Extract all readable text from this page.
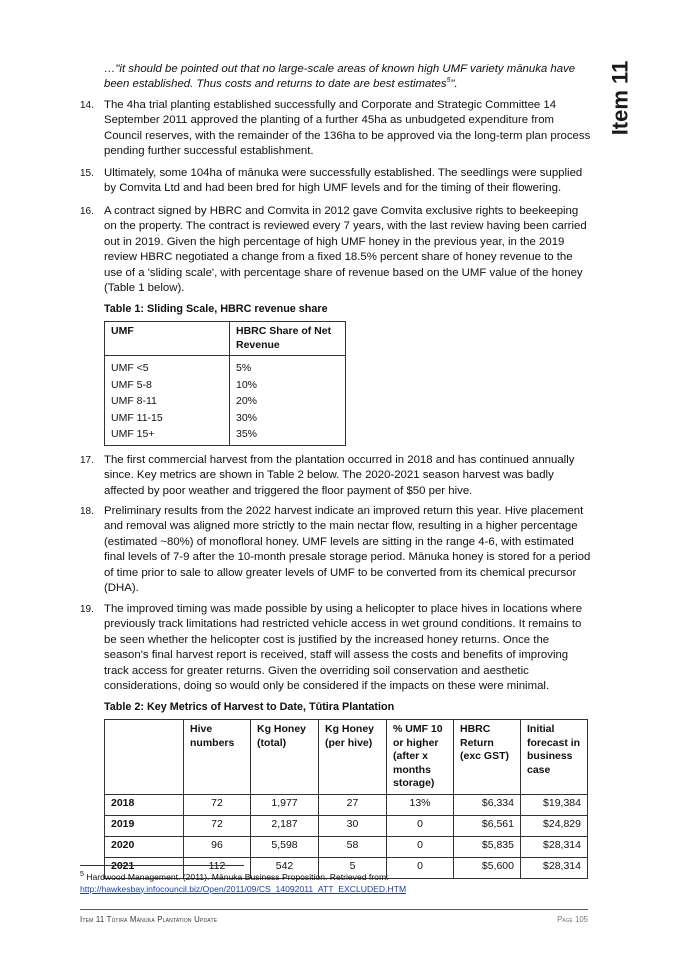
Item 11
…"it should be pointed out that no large-scale areas of known high UMF variety mānuka have been established. Thus costs and returns to date are best estimates$^5$".
14. The 4ha trial planting established successfully and Corporate and Strategic Committee 14 September 2011 approved the planting of a further 45ha as unbudgeted expenditure from Council reserves, with the remainder of the 136ha to be approved via the long-term plan process pending further successful establishment.
15. Ultimately, some 104ha of mānuka were successfully established. The seedlings were supplied by Comvita Ltd and had been bred for high UMF levels and for the timing of their flowering.
16. A contract signed by HBRC and Comvita in 2012 gave Comvita exclusive rights to beekeeping on the property. The contract is reviewed every 7 years, with the last review having been carried out in 2019. Given the high percentage of high UMF honey in the previous year, in the 2019 review HBRC negotiated a change from a fixed 18.5% percent share of honey revenue to the use of a 'sliding scale', with percentage share of revenue based on the UMF value of the honey (Table 1 below).
Table 1: Sliding Scale, HBRC revenue share
UMF	HBRC Share of Net Revenue
UMF <5	5%
UMF 5-8	10%
UMF 8-11	20%
UMF 11-15	30%
UMF 15+	35%
17. The first commercial harvest from the plantation occurred in 2018 and has continued annually since. Key metrics are shown in Table 2 below. The 2020-2021 season harvest was badly affected by poor weather and triggered the floor payment of $50 per hive.
18. Preliminary results from the 2022 harvest indicate an improved return this year. Hive placement and removal was aligned more strictly to the main nectar flow, resulting in a higher percentage (estimated ~80%) of monofloral honey. UMF levels are sitting in the range 4-6, with estimated final levels of 7-9 after the 10-month presale storage period. Mānuka honey is stored for a period of time prior to sale to allow greater levels of UMF to be converted from its chemical precursor (DHA).
19. The improved timing was made possible by using a helicopter to place hives in locations where previously track limitations had restricted vehicle access in wet ground conditions. It remains to be seen whether the helicopter cost is justified by the increased honey returns. Once the season's final harvest report is received, staff will assess the costs and benefits of improving track access for greater returns. Given the overriding soil conservation and aesthetic considerations, doing so would only be considered if the impacts on these were minimal.
Table 2: Key Metrics of Harvest to Date, Tūtira Plantation
	Hive numbers	Kg Honey (total)	Kg Honey (per hive)	% UMF 10 or higher (after x months storage)	HBRC Return (exc GST)	Initial forecast in business case
2018	72	1,977	27	13%	$6,334	$19,384
2019	72	2,187	30	0	$6,561	$24,829
2020	96	5,598	58	0	$5,835	$28,314
2021	112	542	5	0	$5,600	$28,314
$^5$ Hardwood Management. (2011). Mānuka Business Proposition. Retrieved from:
http://hawkesbay.infocouncil.biz/Open/2011/09/CS_14092011_ATT_EXCLUDED.HTM
Item 11 Tūtira Mānuka Plantation Update	Page 105
